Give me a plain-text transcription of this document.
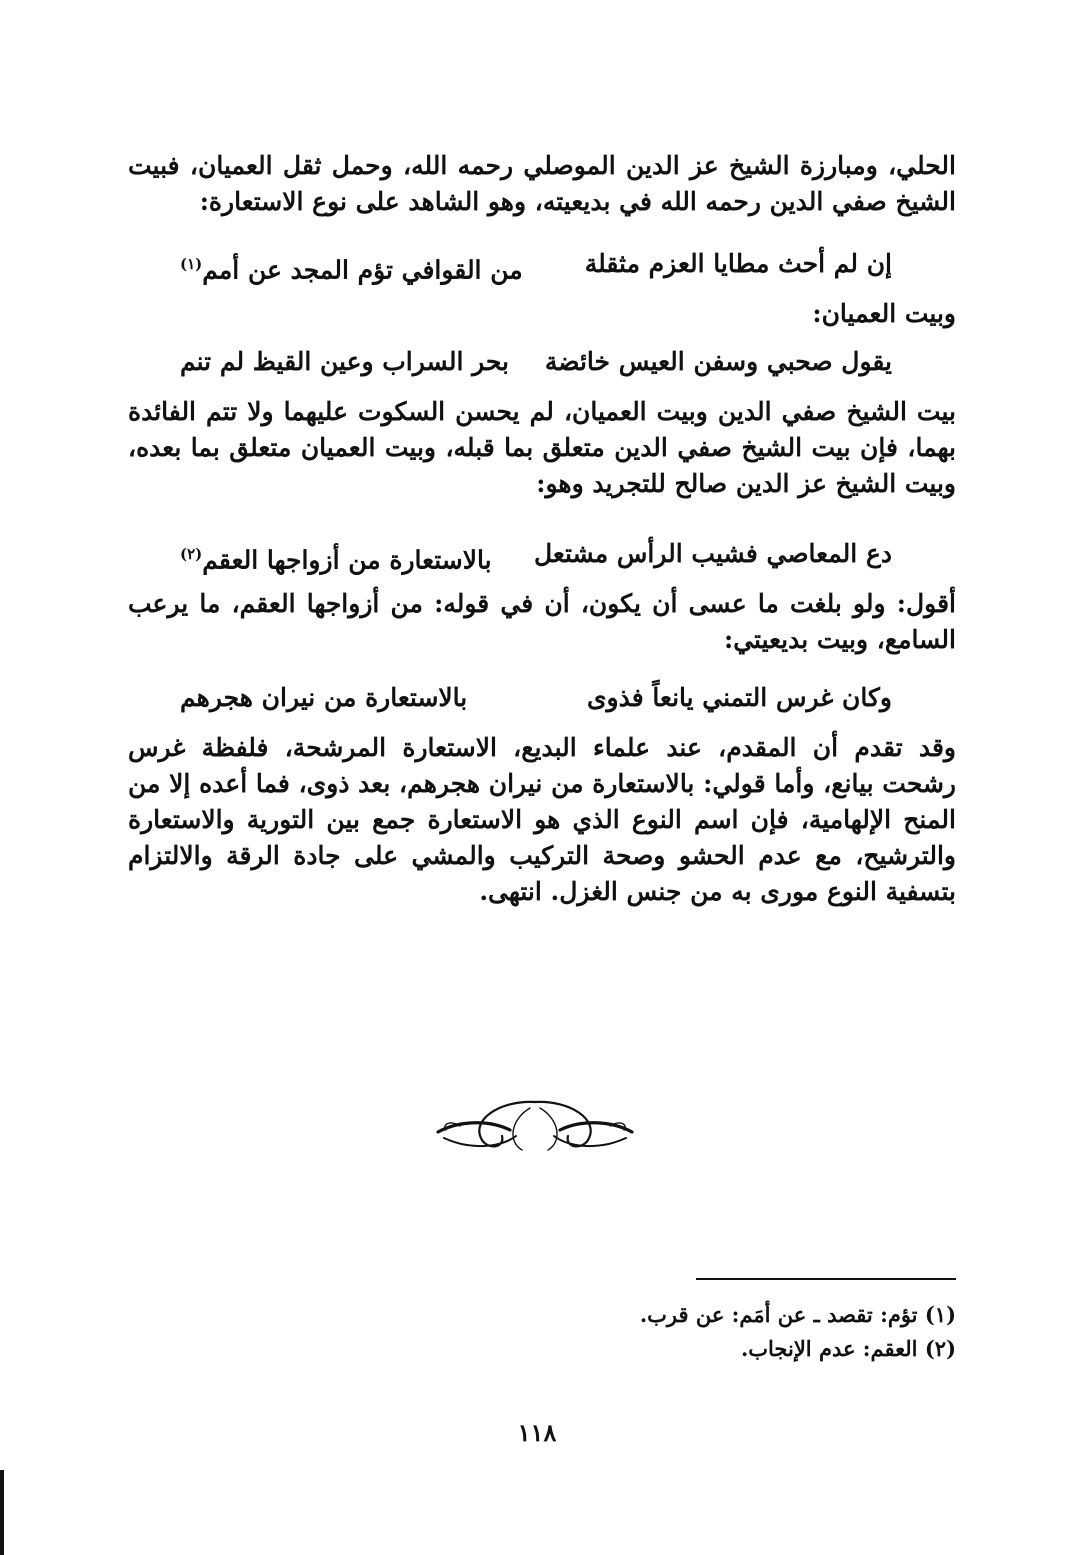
الحلي، ومبارزة الشيخ عز الدين الموصلي رحمه الله، وحمل ثقل العميان، فبيت الشيخ صفي الدين رحمه الله في بديعيته، وهو الشاهد على نوع الاستعارة:

إن لم أحث مطايا العزم مثقلة
من القوافي تؤم المجد عن أمم$^{(١)}$

وبيت العميان:

يقول صحبي وسفن العيس خائضة
بحر السراب وعين القيظ لم تنم

بيت الشيخ صفي الدين وبيت العميان، لم يحسن السكوت عليهما ولا تتم الفائدة بهما، فإن بيت الشيخ صفي الدين متعلق بما قبله، وبيت العميان متعلق بما بعده، وبيت الشيخ عز الدين صالح للتجريد وهو:

دع المعاصي فشيب الرأس مشتعل
بالاستعارة من أزواجها العقم$^{(٢)}$

أقول: ولو بلغت ما عسى أن يكون، أن في قوله: من أزواجها العقم، ما يرعب السامع، وبيت بديعيتي:

وكان غرس التمني يانعاً فذوى
بالاستعارة من نيران هجرهم

وقد تقدم أن المقدم، عند علماء البديع، الاستعارة المرشحة، فلفظة غرس رشحت بيانع، وأما قولي: بالاستعارة من نيران هجرهم، بعد ذوى، فما أعده إلا من المنح الإلهامية، فإن اسم النوع الذي هو الاستعارة جمع بين التورية والاستعارة والترشيح، مع عدم الحشو وصحة التركيب والمشي على جادة الرقة والالتزام بتسفية النوع مورى به من جنس الغزل. انتهى.

(١) تؤم: تقصد ـ عن أمَم: عن قرب.
(٢) العقم: عدم الإنجاب.
١١٨
